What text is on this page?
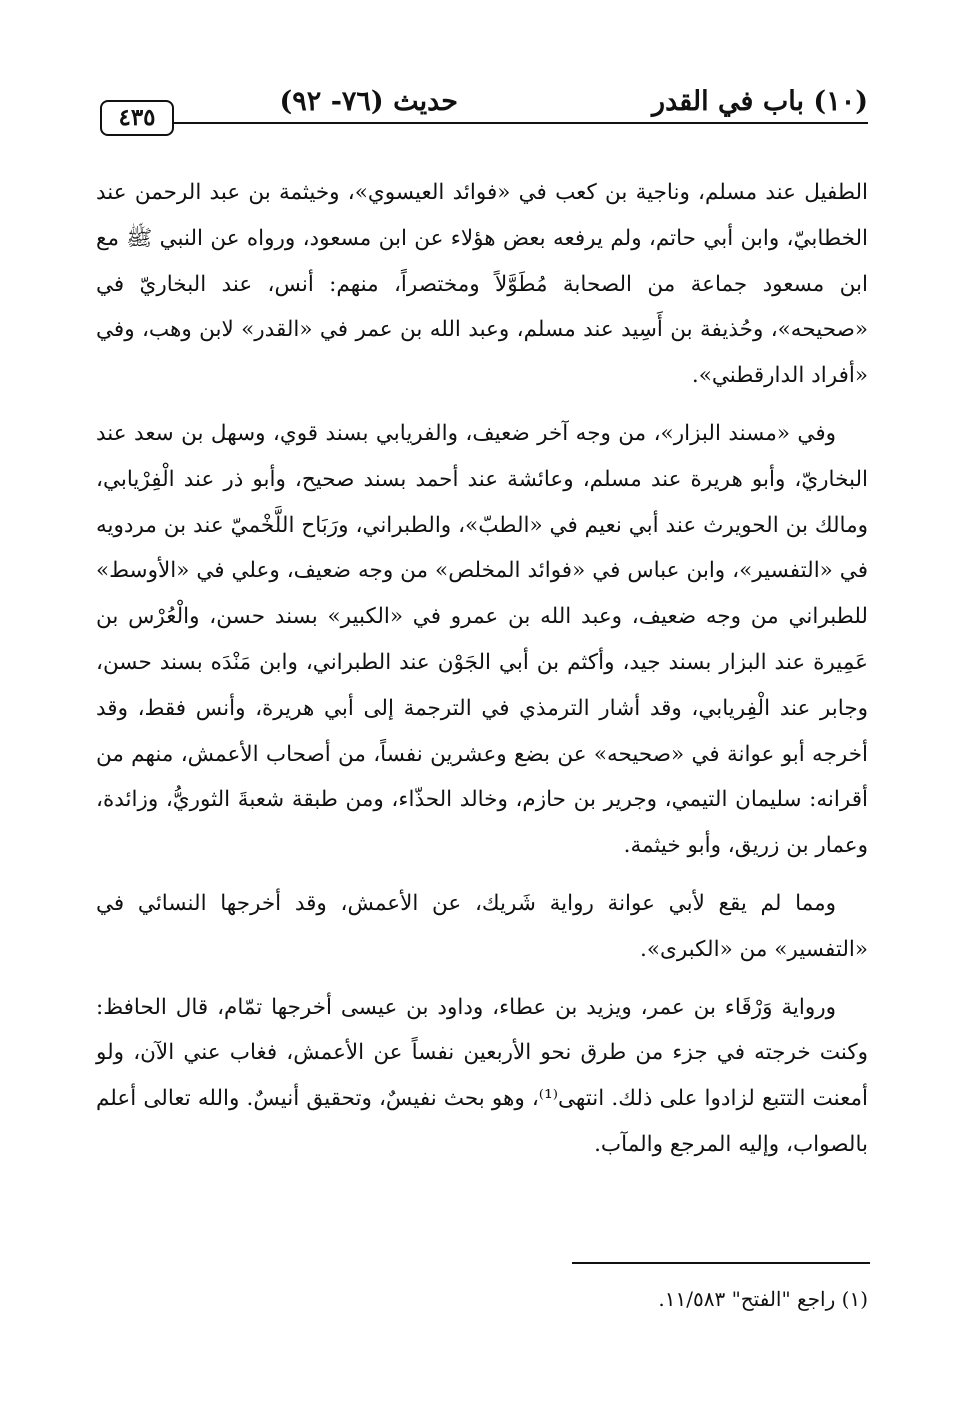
(١٠) باب في القدر
حديث (٧٦- ٩٢)
٤٣٥

الطفيل عند مسلم، وناجية بن كعب في «فوائد العيسوي»، وخيثمة بن عبد الرحمن عند الخطابيّ، وابن أبي حاتم، ولم يرفعه بعض هؤلاء عن ابن مسعود، ورواه عن النبي ﷺ مع ابن مسعود جماعة من الصحابة مُطَوَّلاً ومختصراً، منهم: أنس، عند البخاريّ في «صحيحه»، وحُذيفة بن أَسِيد عند مسلم، وعبد الله بن عمر في «القدر» لابن وهب، وفي «أفراد الدارقطني».

وفي «مسند البزار»، من وجه آخر ضعيف، والفريابي بسند قوي، وسهل بن سعد عند البخاريّ، وأبو هريرة عند مسلم، وعائشة عند أحمد بسند صحيح، وأبو ذر عند الْفِرْيابي، ومالك بن الحويرث عند أبي نعيم في «الطبّ»، والطبراني، ورَبَاح اللَّخْميّ عند بن مردويه في «التفسير»، وابن عباس في «فوائد المخلص» من وجه ضعيف، وعلي في «الأوسط» للطبراني من وجه ضعيف، وعبد الله بن عمرو في «الكبير» بسند حسن، والْعُرْس بن عَمِيرة عند البزار بسند جيد، وأكثم بن أبي الجَوْن عند الطبراني، وابن مَنْدَه بسند حسن، وجابر عند الْفِريابي، وقد أشار الترمذي في الترجمة إلى أبي هريرة، وأنس فقط، وقد أخرجه أبو عوانة في «صحيحه» عن بضع وعشرين نفساً، من أصحاب الأعمش، منهم من أقرانه: سليمان التيمي، وجرير بن حازم، وخالد الحذّاء، ومن طبقة شعبةَ الثوريُّ، وزائدة، وعمار بن زريق، وأبو خيثمة.

ومما لم يقع لأبي عوانة رواية شَريك، عن الأعمش، وقد أخرجها النسائي في «التفسير» من «الكبرى».

ورواية وَرْقَاء بن عمر، ويزيد بن عطاء، وداود بن عيسى أخرجها تمّام، قال الحافظ: وكنت خرجته في جزء من طرق نحو الأربعين نفساً عن الأعمش، فغاب عني الآن، ولو أمعنت التتبع لزادوا على ذلك. انتهى⁽¹⁾، وهو بحث نفيسٌ، وتحقيق أنيسٌ. والله تعالى أعلم بالصواب، وإليه المرجع والمآب.

(١) راجع "الفتح" ١١/٥٨٣.
